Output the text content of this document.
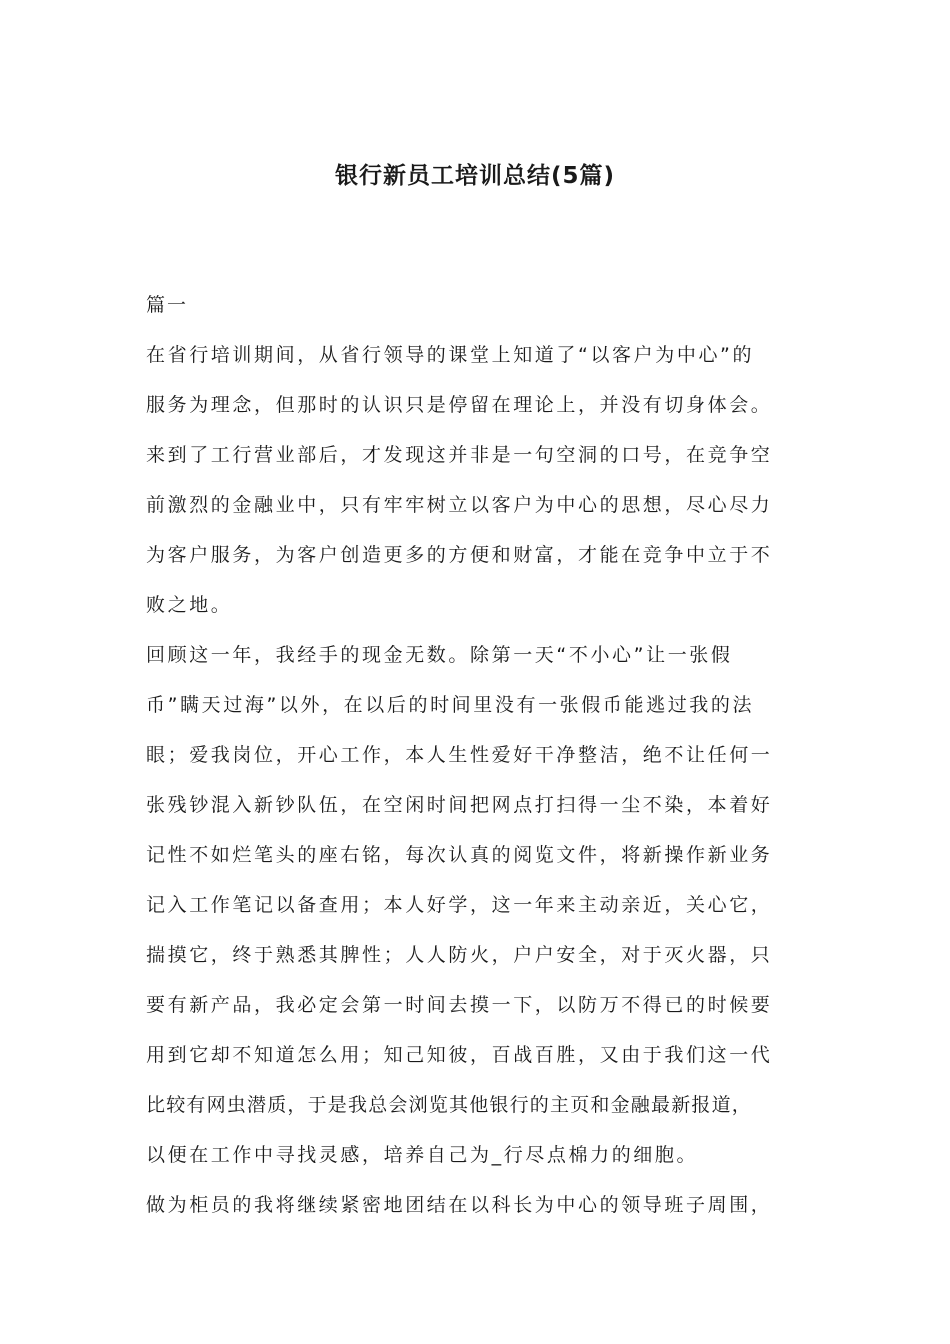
银行新员工培训总结(5篇)
篇一
在省行培训期间，从省行领导的课堂上知道了“以客户为中心”的
服务为理念，但那时的认识只是停留在理论上，并没有切身体会。
来到了工行营业部后，才发现这并非是一句空洞的口号，在竞争空
前激烈的金融业中，只有牢牢树立以客户为中心的思想，尽心尽力
为客户服务，为客户创造更多的方便和财富，才能在竞争中立于不
败之地。
回顾这一年，我经手的现金无数。除第一天“不小心”让一张假
币”瞒天过海”以外，在以后的时间里没有一张假币能逃过我的法
眼；爱我岗位，开心工作，本人生性爱好干净整洁，绝不让任何一
张残钞混入新钞队伍，在空闲时间把网点打扫得一尘不染，本着好
记性不如烂笔头的座右铭，每次认真的阅览文件，将新操作新业务
记入工作笔记以备查用；本人好学，这一年来主动亲近，关心它，
揣摸它，终于熟悉其脾性；人人防火，户户安全，对于灭火器，只
要有新产品，我必定会第一时间去摸一下，以防万不得已的时候要
用到它却不知道怎么用；知己知彼，百战百胜，又由于我们这一代
比较有网虫潜质，于是我总会浏览其他银行的主页和金融最新报道，
以便在工作中寻找灵感，培养自己为_行尽点棉力的细胞。
做为柜员的我将继续紧密地团结在以科长为中心的领导班子周围，
